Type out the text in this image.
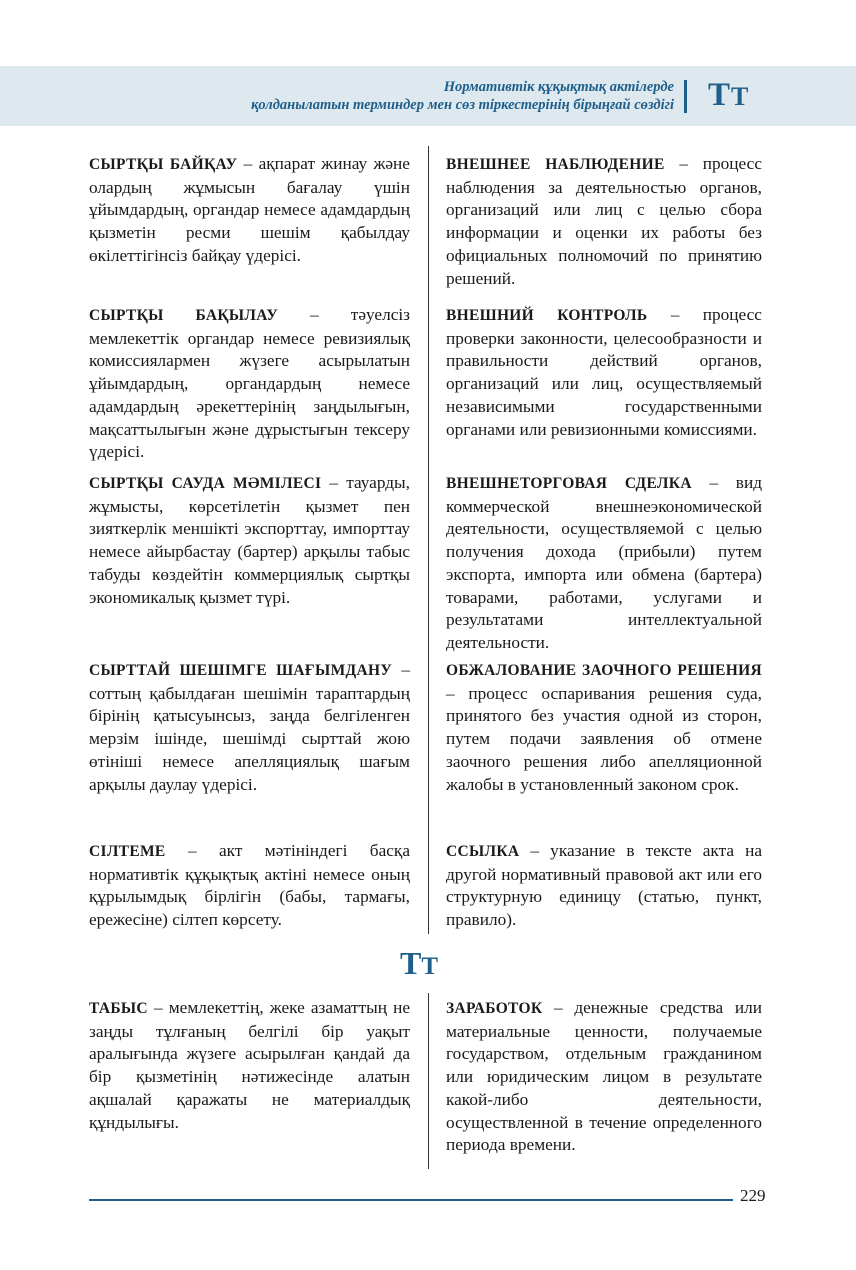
Нормативтік құқықтық актілерде
қолданылатын терминдер мен сөз тіркестерінің бірыңғай сөздігі ТТ
СЫРТҚЫ БАЙҚАУ – ақпарат жинау және олардың жұмысын бағалау үшін ұйымдардың, органдар немесе адамдардың қызметін ресми шешім қабылдау өкілеттігінсіз байқау үдерісі.
ВНЕШНЕЕ НАБЛЮДЕНИЕ – процесс наблюдения за деятельностью органов, организаций или лиц с целью сбора информации и оценки их работы без официальных полномочий по принятию решений.
СЫРТҚЫ БАҚЫЛАУ – тәуелсіз мемлекеттік органдар немесе ревизиялық комиссиялармен жүзеге асырылатын ұйымдардың, органдардың немесе адамдардың әрекеттерінің заңдылығын, мақсаттылығын және дұрыстығын тексеру үдерісі.
ВНЕШНИЙ КОНТРОЛЬ – процесс проверки законности, целесообразности и правильности действий органов, организаций или лиц, осуществляемый независимыми государственными органами или ревизионными комиссиями.
СЫРТҚЫ САУДА МӘМІЛЕСІ – тауарды, жұмысты, көрсетілетін қызмет пен зияткерлік меншікті экспорттау, импорттау немесе айырбастау (бартер) арқылы табыс табуды көздейтін коммерциялық сыртқы экономикалық қызмет түрі.
ВНЕШНЕТОРГОВАЯ СДЕЛКА – вид коммерческой внешнеэкономической деятельности, осуществляемой с целью получения дохода (прибыли) путем экспорта, импорта или обмена (бартера) товарами, работами, услугами и результатами интеллектуальной деятельности.
СЫРТТАЙ ШЕШІМГЕ ШАҒЫМДАНУ – соттың қабылдаған шешімін тараптардың бірінің қатысуынсыз, заңда белгіленген мерзім ішінде, шешімді сырттай жою өтініші немесе апелляциялық шағым арқылы даулау үдерісі.
ОБЖАЛОВАНИЕ ЗАОЧНОГО РЕШЕНИЯ – процесс оспаривания решения суда, принятого без участия одной из сторон, путем подачи заявления об отмене заочного решения либо апелляционной жалобы в установленный законом срок.
СІЛТЕМЕ – акт мәтініндегі басқа нормативтік құқықтық актіні немесе оның құрылымдық бірлігін (бабы, тармағы, ережесіне) сілтеп көрсету.
ССЫЛКА – указание в тексте акта на другой нормативный правовой акт или его структурную единицу (статью, пункт, правило).
ТТ
ТАБЫС – мемлекеттің, жеке азаматтың не заңды тұлғаның белгілі бір уақыт аралығында жүзеге асырылған қандай да бір қызметінің нәтижесінде алатын ақшалай қаражаты не материалдық құндылығы.
ЗАРАБОТОК – денежные средства или материальные ценности, получаемые государством, отдельным гражданином или юридическим лицом в результате какой-либо деятельности, осуществленной в течение определенного периода времени.
229
